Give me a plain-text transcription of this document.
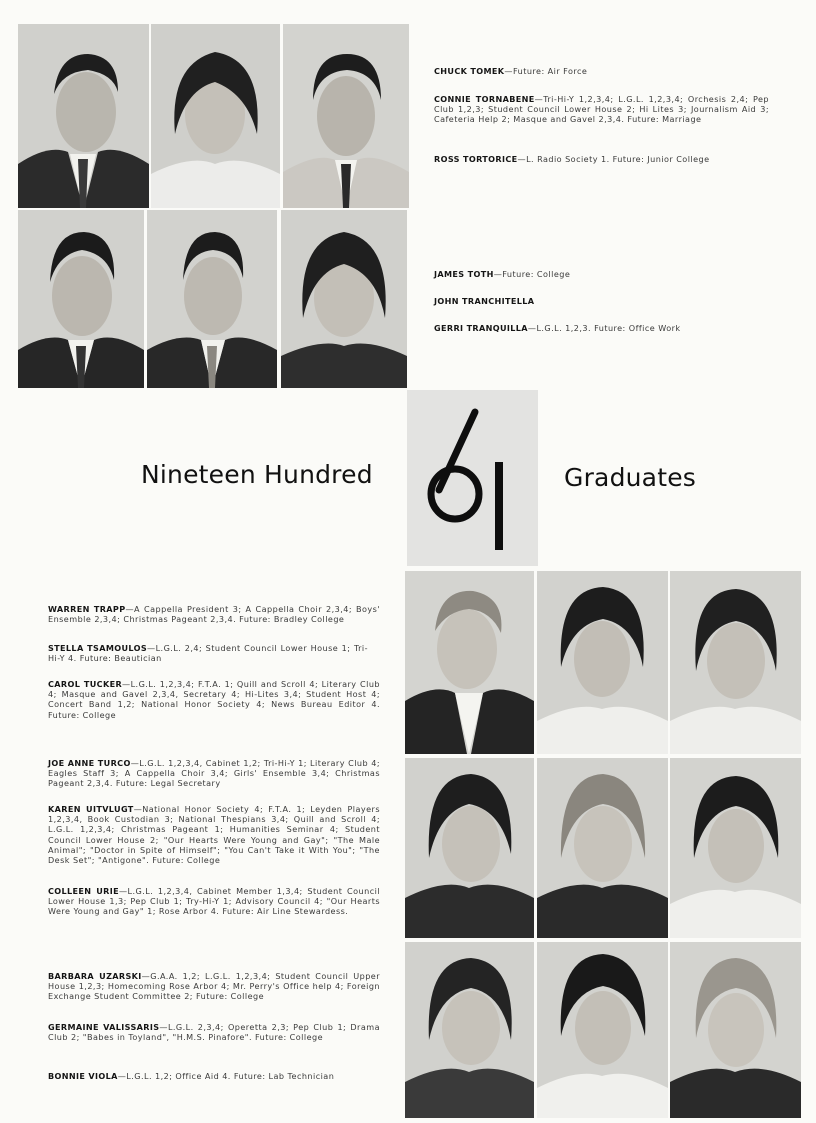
CHUCK TOMEK—Future: Air Force
CONNIE TORNABENE—Tri-Hi-Y 1,2,3,4; L.G.L. 1,2,3,4; Orchesis 2,4; Pep Club 1,2,3; Student Council Lower House 2; Hi Lites 3; Journalism Aid 3; Cafeteria Help 2; Masque and Gavel 2,3,4. Future: Marriage
ROSS TORTORICE—L. Radio Society 1. Future: Junior College
JAMES TOTH—Future: College
JOHN TRANCHITELLA
GERRI TRANQUILLA—L.G.L. 1,2,3. Future: Office Work
Nineteen Hundred	Graduates
WARREN TRAPP—A Cappella President 3; A Cappella Choir 2,3,4; Boys' Ensemble 2,3,4; Christmas Pageant 2,3,4. Future: Bradley College
STELLA TSAMOULOS—L.G.L. 2,4; Student Council Lower House 1; Tri-Hi-Y 4. Future: Beautician
CAROL TUCKER—L.G.L. 1,2,3,4; F.T.A. 1; Quill and Scroll 4; Literary Club 4; Masque and Gavel 2,3,4, Secretary 4; Hi-Lites 3,4; Student Host 4; Concert Band 1,2; National Honor Society 4; News Bureau Editor 4. Future: College
JOE ANNE TURCO—L.G.L. 1,2,3,4, Cabinet 1,2; Tri-Hi-Y 1; Literary Club 4; Eagles Staff 3; A Cappella Choir 3,4; Girls' Ensemble 3,4; Christmas Pageant 2,3,4. Future: Legal Secretary
KAREN UITVLUGT—National Honor Society 4; F.T.A. 1; Leyden Players 1,2,3,4, Book Custodian 3; National Thespians 3,4; Quill and Scroll 4; L.G.L. 1,2,3,4; Christmas Pageant 1; Humanities Seminar 4; Student Council Lower House 2; "Our Hearts Were Young and Gay"; "The Male Animal"; "Doctor in Spite of Himself"; "You Can't Take it With You"; "The Desk Set"; "Antigone". Future: College
COLLEEN URIE—L.G.L. 1,2,3,4, Cabinet Member 1,3,4; Student Council Lower House 1,3; Pep Club 1; Try-Hi-Y 1; Advisory Council 4; "Our Hearts Were Young and Gay" 1; Rose Arbor 4. Future: Air Line Stewardess.
BARBARA UZARSKI—G.A.A. 1,2; L.G.L. 1,2,3,4; Student Council Upper House 1,2,3; Homecoming Rose Arbor 4; Mr. Perry's Office help 4; Foreign Exchange Student Committee 2; Future: College
GERMAINE VALISSARIS—L.G.L. 2,3,4; Operetta 2,3; Pep Club 1; Drama Club 2; "Babes in Toyland", "H.M.S. Pinafore". Future: College
BONNIE VIOLA—L.G.L. 1,2; Office Aid 4. Future: Lab Technician
